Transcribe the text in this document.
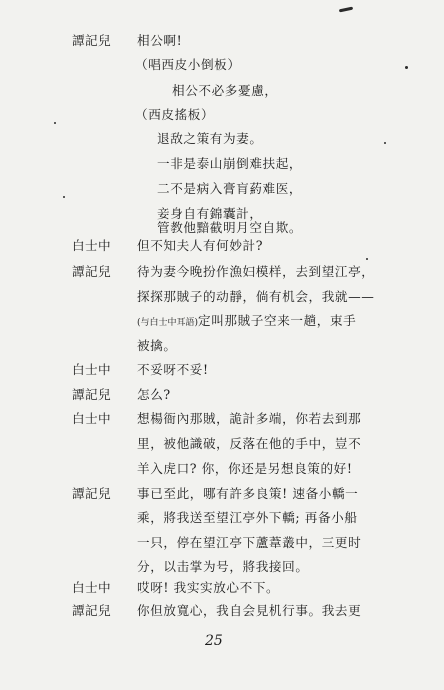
譚記兒
白士中
譚記兒
白士中
譚記兒
白士中
譚記兒
白士中
譚記兒
相公啊!
（唱西皮小倒板）
相公不必多憂慮，
（西皮搖板）
退敌之策有为妻。
一非是泰山崩倒难扶起，
二不是病入膏肓葯难医，
妾身自有錦囊計，
管教他黯截明月空自欺。
但不知夫人有何妙計?
待为妻今晚扮作漁妇模样，去到望江亭，
探探那賊子的动靜，倘有机会，我就——
(与白士中耳語)定叫那賊子空来一趟，束手
被擒。
不妥呀不妥!
怎么?
想楊衙內那賊，詭計多端，你若去到那
里，被他識破，反落在他的手中，豈不
羊入虎口? 你，你还是另想良策的好!
事已至此，哪有許多良策! 速备小轎一
乘，將我送至望江亭外下轎; 再备小船
一只，停在望江亭下蘆葦叢中，三更时
分，以击掌为号，將我接回。
哎呀! 我实实放心不下。
你但放寬心，我自会見机行事。我去更
25
